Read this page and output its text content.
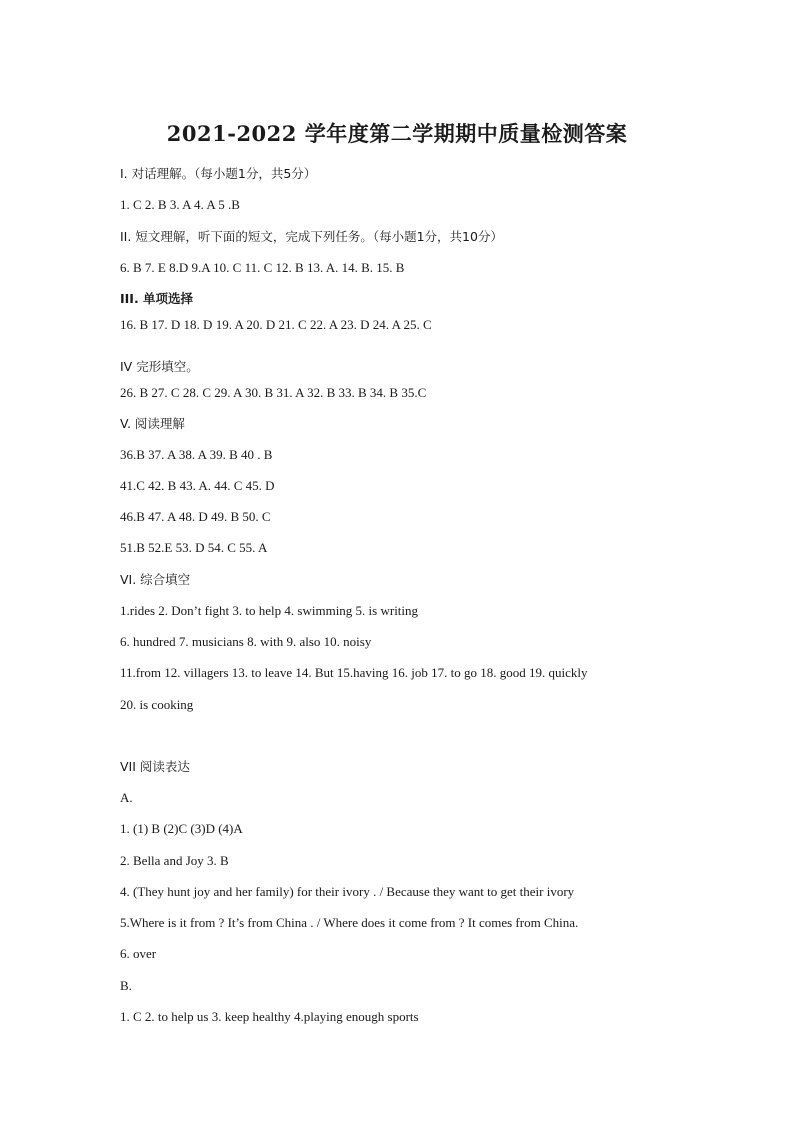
2021-2022 学年度第二学期期中质量检测答案
I. 对话理解。（每小题1分，共5分）
1. C 2. B 3. A 4. A 5 .B
II. 短文理解，听下面的短文，完成下列任务。（每小题1分，共10分）
6. B 7. E 8.D 9.A 10. C 11. C 12. B 13. A. 14. B. 15. B
III. 单项选择
16. B 17. D 18. D 19. A 20. D 21. C 22. A 23. D 24. A 25. C
IV 完形填空。
26. B 27. C 28. C 29. A 30. B 31. A 32. B 33. B 34. B 35.C
V. 阅读理解
36.B 37. A 38. A 39. B 40 . B
41.C 42. B 43. A. 44. C 45. D
46.B 47. A 48. D 49. B 50. C
51.B 52.E 53. D 54. C 55. A
VI. 综合填空
1.rides 2. Don’t fight 3. to help 4. swimming 5. is writing
6. hundred 7. musicians 8. with 9. also 10. noisy
11.from 12. villagers 13. to leave 14. But 15.having 16. job 17. to go 18. good 19. quickly
20. is cooking
VII 阅读表达
A.
1. (1) B (2)C (3)D (4)A
2. Bella and Joy 3. B
4. (They hunt joy and her family) for their ivory . / Because they want to get their ivory
5.Where is it from ? It’s from China . / Where does it come from ? It comes from China.
6. over
B.
1. C 2. to help us 3. keep healthy 4.playing enough sports
